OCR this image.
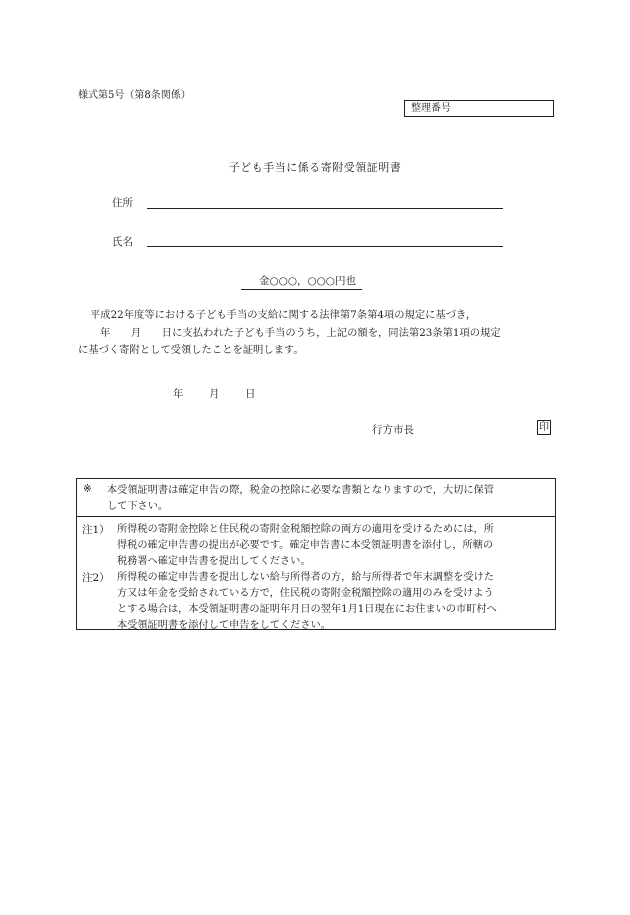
様式第5号（第8条関係）
整理番号
子ども手当に係る寄附受領証明書
住所
氏名
金○○○，○○○円也

平成22年度等における子ども手当の支給に関する法律第7条第4項の規定に基づき，

年　　月　　日に支払われた子ども手当のうち，上記の額を，同法第23条第1項の規定

に基づく寄附として受領したことを証明します。

年 月 日
行方市長	印
※ 本受領証明書は確定申告の際，税金の控除に必要な書類となりますので，大切に保管
して下さい。
注1） 所得税の寄附金控除と住民税の寄附金税額控除の両方の適用を受けるためには，所
得税の確定申告書の提出が必要です。確定申告書に本受領証明書を添付し，所轄の
税務署へ確定申告書を提出してください。
注2） 所得税の確定申告書を提出しない給与所得者の方，給与所得者で年末調整を受けた
方又は年金を受給されている方で，住民税の寄附金税額控除の適用のみを受けよう
とする場合は，本受領証明書の証明年月日の翌年1月1日現在にお住まいの市町村へ
本受領証明書を添付して申告をしてください。
